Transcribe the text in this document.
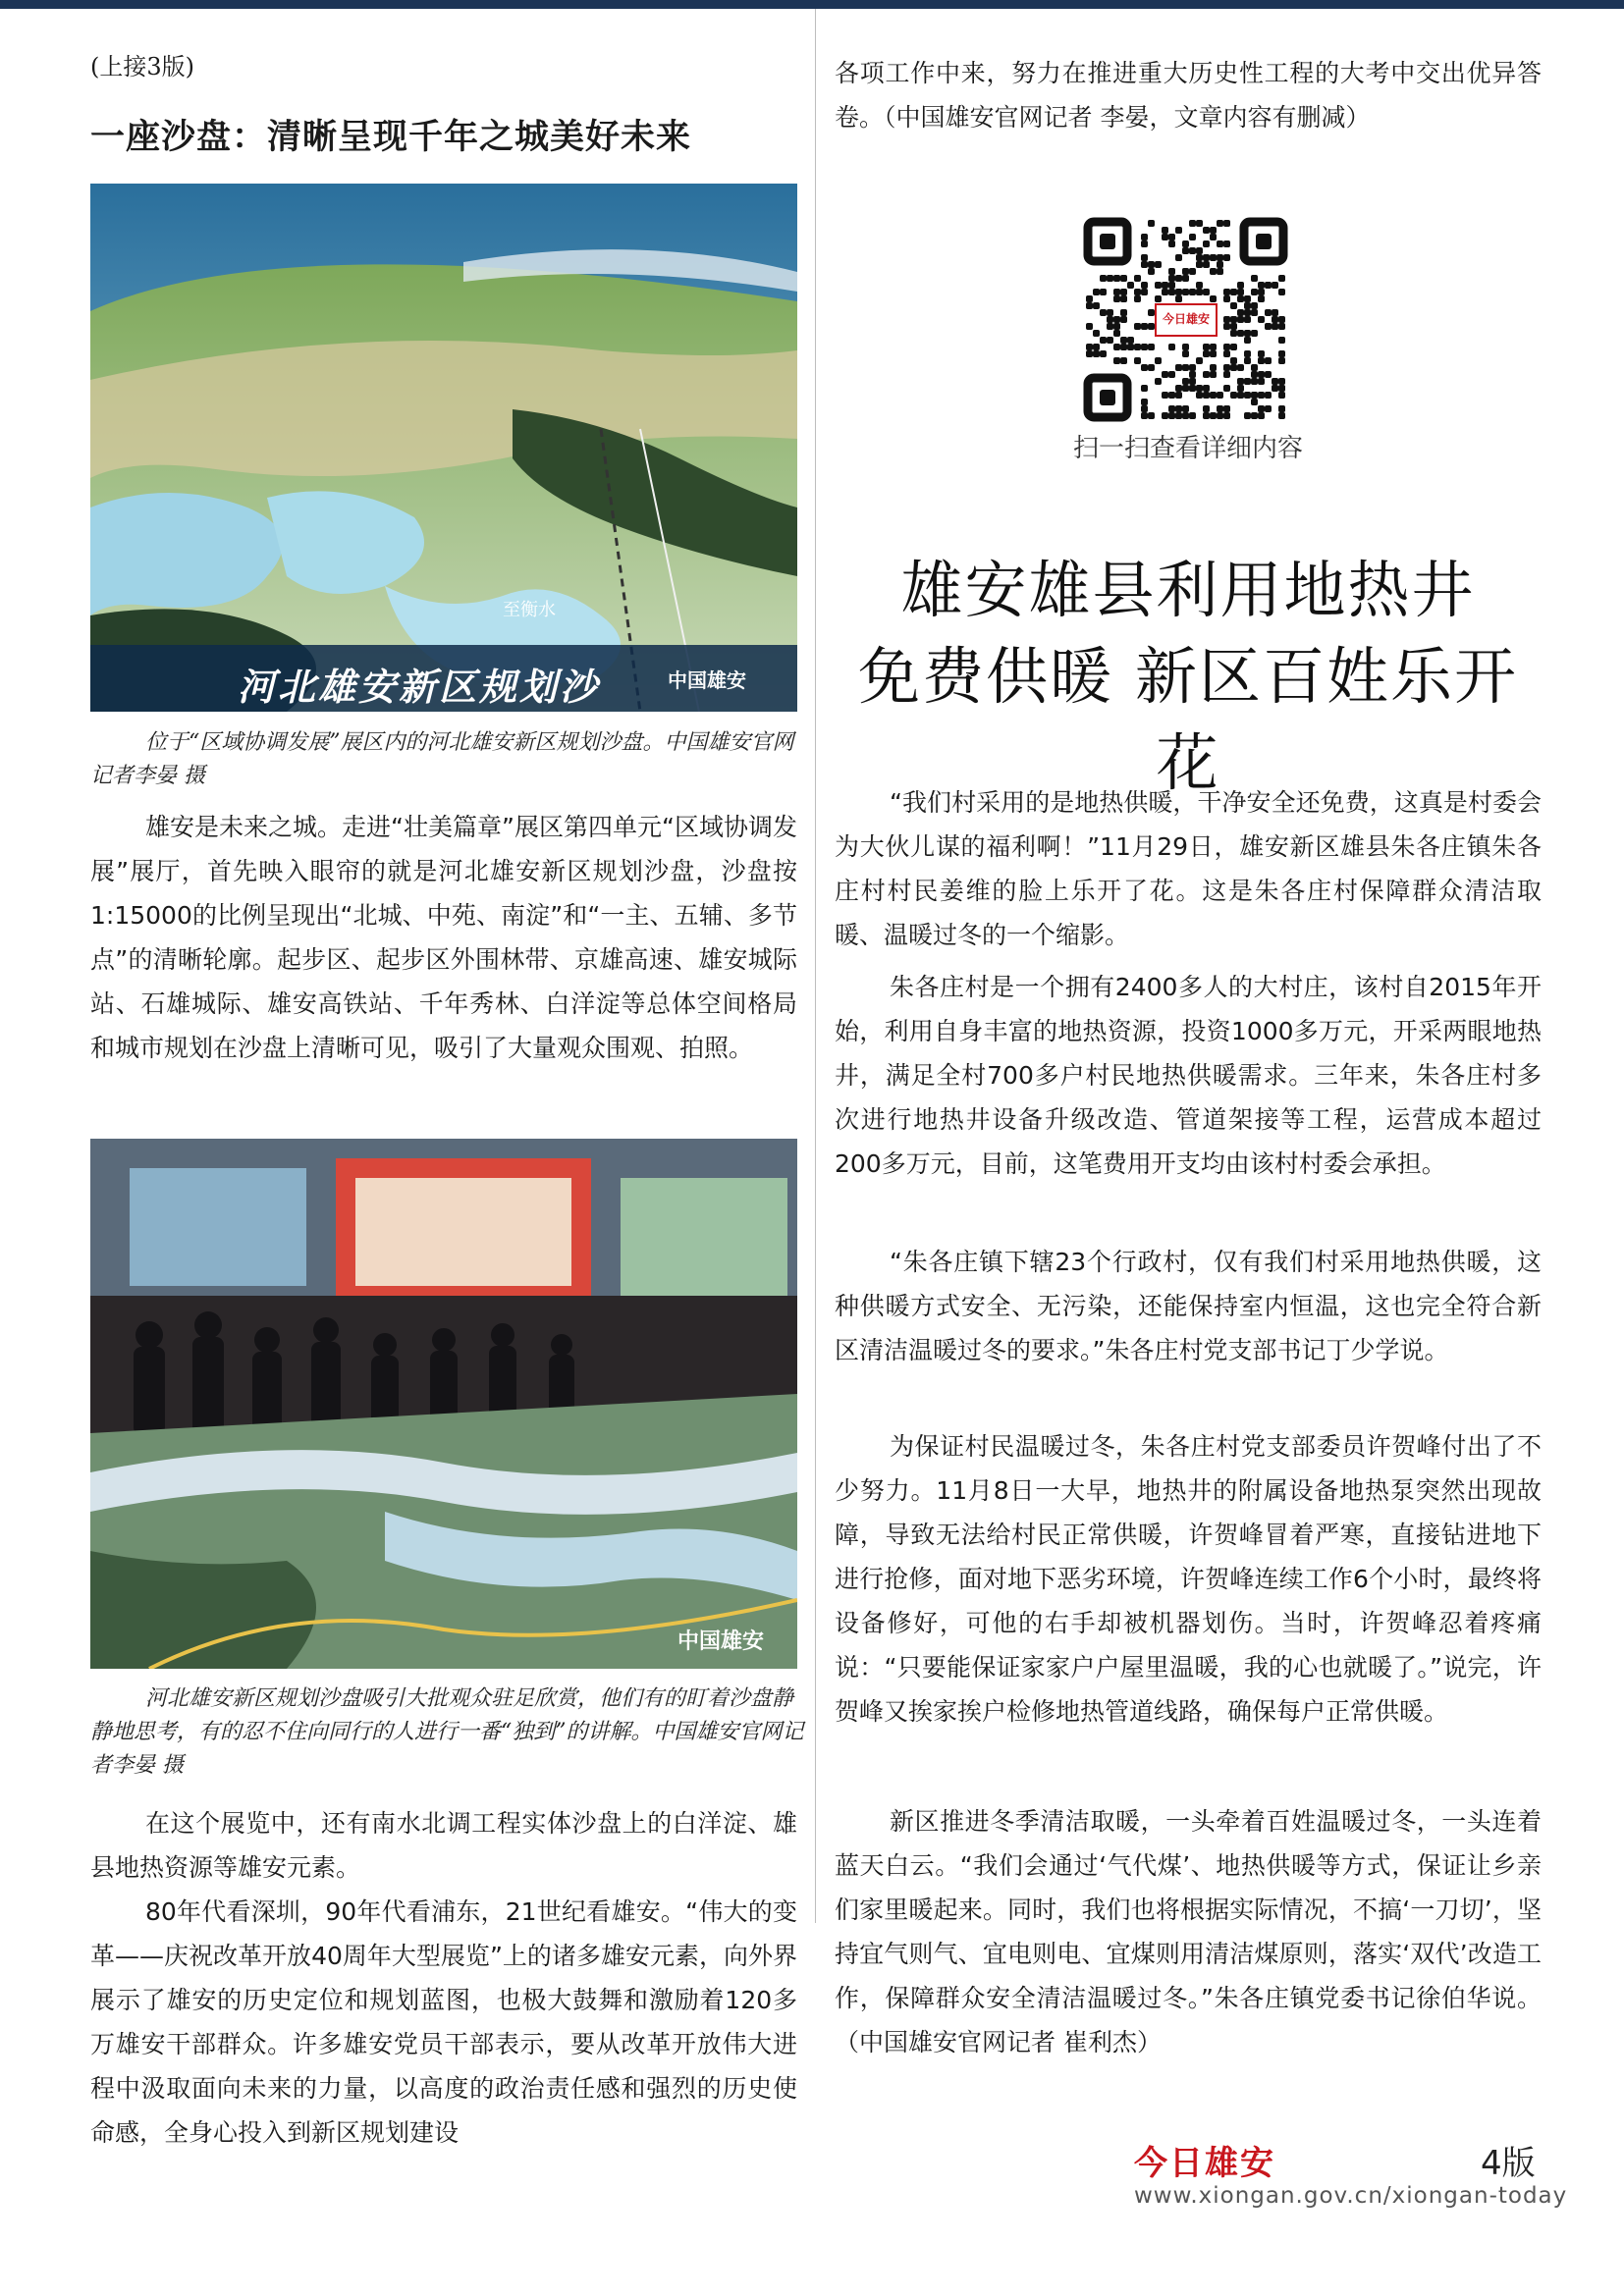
(上接3版)
一座沙盘：清晰呈现千年之城美好未来
河北雄安新区规划沙	中国雄安
至衡水
位于“区域协调发展”展区内的河北雄安新区规划沙盘。中国雄安官网记者李晏 摄

雄安是未来之城。走进“壮美篇章”展区第四单元“区域协调发展”展厅，首先映入眼帘的就是河北雄安新区规划沙盘，沙盘按1:15000的比例呈现出“北城、中苑、南淀”和“一主、五辅、多节点”的清晰轮廓。起步区、起步区外围林带、京雄高速、雄安城际站、石雄城际、雄安高铁站、千年秀林、白洋淀等总体空间格局和城市规划在沙盘上清晰可见，吸引了大量观众围观、拍照。

中国雄安
河北雄安新区规划沙盘吸引大批观众驻足欣赏，他们有的盯着沙盘静静地思考，有的忍不住向同行的人进行一番“独到”的讲解。中国雄安官网记者李晏 摄

在这个展览中，还有南水北调工程实体沙盘上的白洋淀、雄县地热资源等雄安元素。

80年代看深圳，90年代看浦东，21世纪看雄安。“伟大的变革——庆祝改革开放40周年大型展览”上的诸多雄安元素，向外界展示了雄安的历史定位和规划蓝图，也极大鼓舞和激励着120多万雄安干部群众。许多雄安党员干部表示，要从改革开放伟大进程中汲取面向未来的力量，以高度的政治责任感和强烈的历史使命感，全身心投入到新区规划建设

各项工作中来，努力在推进重大历史性工程的大考中交出优异答卷。（中国雄安官网记者 李晏，文章内容有删减）

今日雄安
扫一扫查看详细内容
雄安雄县利用地热井
免费供暖 新区百姓乐开花

“我们村采用的是地热供暖，干净安全还免费，这真是村委会为大伙儿谋的福利啊！”11月29日，雄安新区雄县朱各庄镇朱各庄村村民姜维的脸上乐开了花。这是朱各庄村保障群众清洁取暖、温暖过冬的一个缩影。

朱各庄村是一个拥有2400多人的大村庄，该村自2015年开始，利用自身丰富的地热资源，投资1000多万元，开采两眼地热井，满足全村700多户村民地热供暖需求。三年来，朱各庄村多次进行地热井设备升级改造、管道架接等工程，运营成本超过200多万元，目前，这笔费用开支均由该村村委会承担。

“朱各庄镇下辖23个行政村，仅有我们村采用地热供暖，这种供暖方式安全、无污染，还能保持室内恒温，这也完全符合新区清洁温暖过冬的要求。”朱各庄村党支部书记丁少学说。

为保证村民温暖过冬，朱各庄村党支部委员许贺峰付出了不少努力。11月8日一大早，地热井的附属设备地热泵突然出现故障，导致无法给村民正常供暖，许贺峰冒着严寒，直接钻进地下进行抢修，面对地下恶劣环境，许贺峰连续工作6个小时，最终将设备修好，可他的右手却被机器划伤。当时，许贺峰忍着疼痛说：“只要能保证家家户户屋里温暖，我的心也就暖了。”说完，许贺峰又挨家挨户检修地热管道线路，确保每户正常供暖。

新区推进冬季清洁取暖，一头牵着百姓温暖过冬，一头连着蓝天白云。“我们会通过‘气代煤’、地热供暖等方式，保证让乡亲们家里暖起来。同时，我们也将根据实际情况，不搞‘一刀切’，坚持宜气则气、宜电则电、宜煤则用清洁煤原则，落实‘双代’改造工作，保障群众安全清洁温暖过冬。”朱各庄镇党委书记徐伯华说。（中国雄安官网记者 崔利杰）

今日雄安	4版
www.xiongan.gov.cn/xiongan-today
